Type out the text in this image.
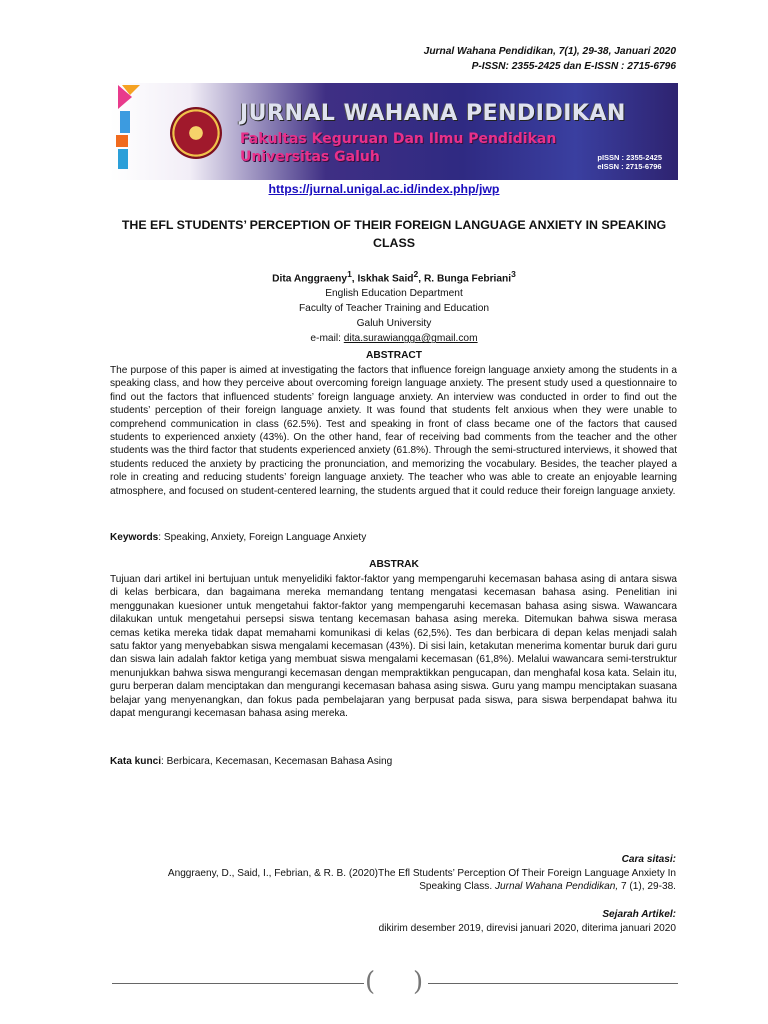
Jurnal Wahana Pendidikan, 7(1), 29-38, Januari 2020
P-ISSN: 2355-2425 dan E-ISSN : 2715-6796
JURNAL WAHANA PENDIDIKAN
Fakultas Keguruan Dan Ilmu Pendidikan
Universitas Galuh	pISSN : 2355-2425
eISSN : 2715-6796
https://jurnal.unigal.ac.id/index.php/jwp
THE EFL STUDENTS’ PERCEPTION OF THEIR FOREIGN LANGUAGE ANXIETY IN SPEAKING CLASS
Dita Anggraeny$^1$, Iskhak Said$^2$, R. Bunga Febriani$^3$
English Education Department
Faculty of Teacher Training and Education
Galuh University
e-mail: dita.surawiangga@gmail.com
ABSTRACT
The purpose of this paper is aimed at investigating the factors that influence foreign language anxiety among the students in a speaking class, and how they perceive about overcoming foreign language anxiety. The present study used a questionnaire to find out the factors that influenced students’ foreign language anxiety. An interview was conducted in order to find out the students’ perception of their foreign language anxiety. It was found that students felt anxious when they were unable to comprehend communication in class (62.5%). Test and speaking in front of class became one of the factors that caused students to experienced anxiety (43%). On the other hand, fear of receiving bad comments from the teacher and the other students was the third factor that students experienced anxiety (61.8%). Through the semi-structured interviews, it showed that students reduced the anxiety by practicing the pronunciation, and memorizing the vocabulary. Besides, the teacher played a role in creating and reducing students’ foreign language anxiety. The teacher who was able to create an enjoyable learning atmosphere, and focused on student-centered learning, the students argued that it could reduce their foreign language anxiety.
Keywords: Speaking, Anxiety, Foreign Language Anxiety
ABSTRAK
Tujuan dari artikel ini bertujuan untuk menyelidiki faktor-faktor yang mempengaruhi kecemasan bahasa asing di antara siswa di kelas berbicara, dan bagaimana mereka memandang tentang mengatasi kecemasan bahasa asing. Penelitian ini menggunakan kuesioner untuk mengetahui faktor-faktor yang mempengaruhi kecemasan bahasa asing siswa. Wawancara dilakukan untuk mengetahui persepsi siswa tentang kecemasan bahasa asing mereka. Ditemukan bahwa siswa merasa cemas ketika mereka tidak dapat memahami komunikasi di kelas (62,5%). Tes dan berbicara di depan kelas menjadi salah satu faktor yang menyebabkan siswa mengalami kecemasan (43%). Di sisi lain, ketakutan menerima komentar buruk dari guru dan siswa lain adalah faktor ketiga yang membuat siswa mengalami kecemasan (61,8%). Melalui wawancara semi-terstruktur menunjukkan bahwa siswa mengurangi kecemasan dengan mempraktikkan pengucapan, dan menghafal kosa kata. Selain itu, guru berperan dalam menciptakan dan mengurangi kecemasan bahasa asing siswa. Guru yang mampu menciptakan suasana belajar yang menyenangkan, dan fokus pada pembelajaran yang berpusat pada siswa, para siswa berpendapat bahwa itu dapat mengurangi kecemasan bahasa asing mereka.
Kata kunci: Berbicara, Kecemasan, Kecemasan Bahasa Asing
Cara sitasi:
Anggraeny, D., Said, I., Febrian, & R. B. (2020)The Efl Students’ Perception Of Their Foreign Language Anxiety In
Speaking Class. Jurnal Wahana Pendidikan, 7 (1), 29-38.
Sejarah Artikel:
dikirim desember 2019, direvisi januari 2020, diterima januari 2020
( )
